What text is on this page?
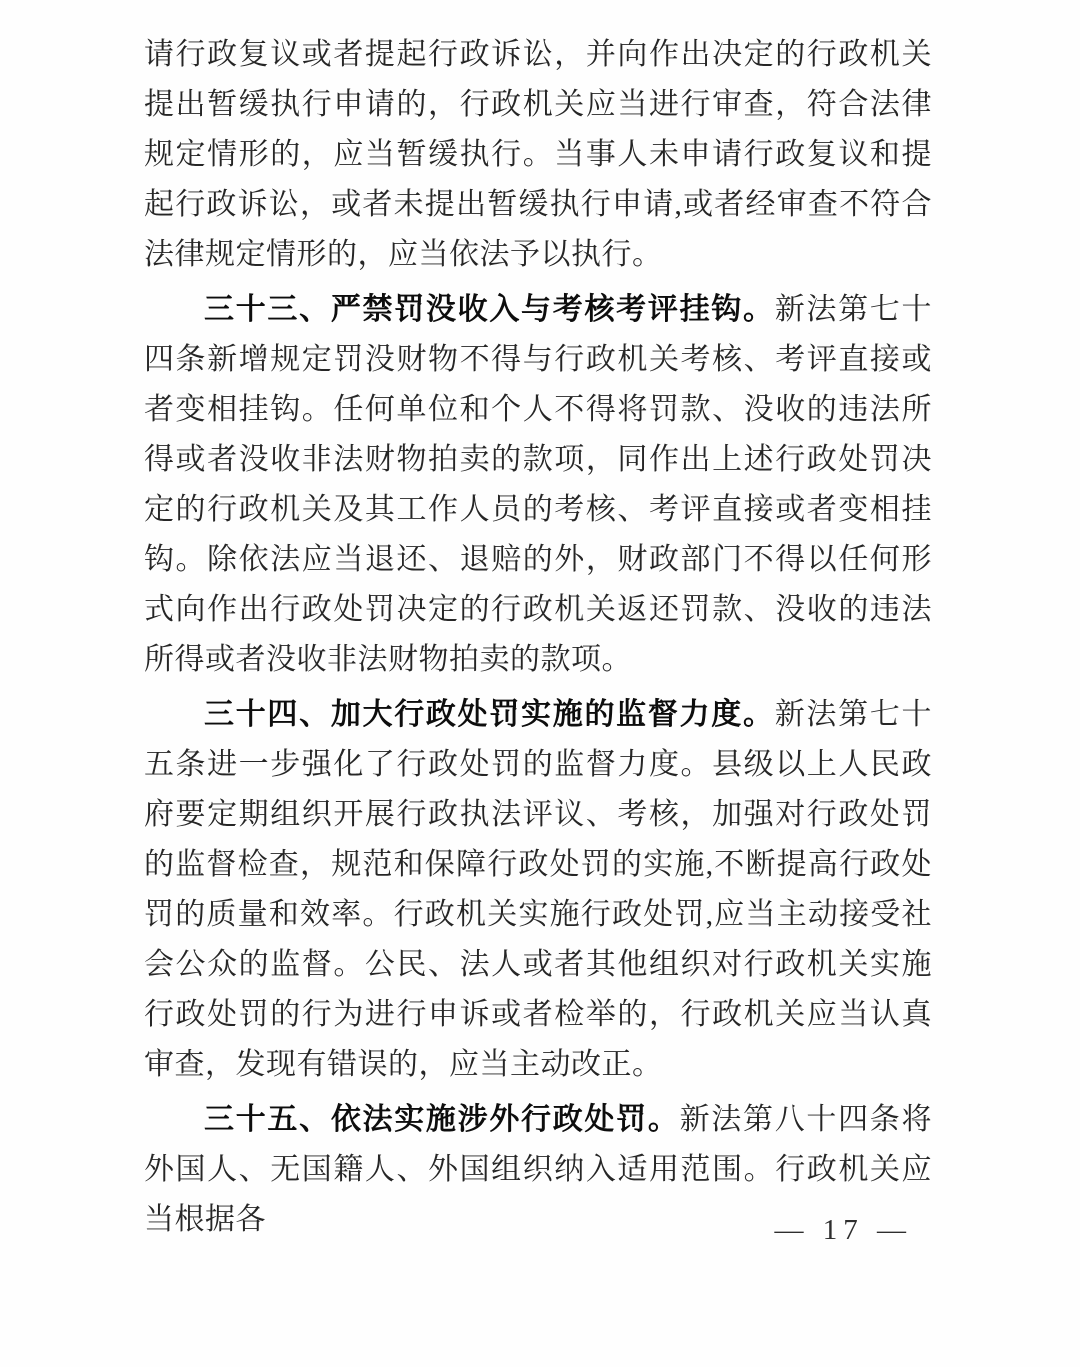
请行政复议或者提起行政诉讼，并向作出决定的行政机关提出暂缓执行申请的，行政机关应当进行审查，符合法律规定情形的，应当暂缓执行。当事人未申请行政复议和提起行政诉讼，或者未提出暂缓执行申请,或者经审查不符合法律规定情形的，应当依法予以执行。

三十三、严禁罚没收入与考核考评挂钩。新法第七十四条新增规定罚没财物不得与行政机关考核、考评直接或者变相挂钩。任何单位和个人不得将罚款、没收的违法所得或者没收非法财物拍卖的款项，同作出上述行政处罚决定的行政机关及其工作人员的考核、考评直接或者变相挂钩。除依法应当退还、退赔的外，财政部门不得以任何形式向作出行政处罚决定的行政机关返还罚款、没收的违法所得或者没收非法财物拍卖的款项。

三十四、加大行政处罚实施的监督力度。新法第七十五条进一步强化了行政处罚的监督力度。县级以上人民政府要定期组织开展行政执法评议、考核，加强对行政处罚的监督检查，规范和保障行政处罚的实施,不断提高行政处罚的质量和效率。行政机关实施行政处罚,应当主动接受社会公众的监督。公民、法人或者其他组织对行政机关实施行政处罚的行为进行申诉或者检举的，行政机关应当认真审查，发现有错误的，应当主动改正。

三十五、依法实施涉外行政处罚。新法第八十四条将外国人、无国籍人、外国组织纳入适用范围。行政机关应当根据各	— 17 —
